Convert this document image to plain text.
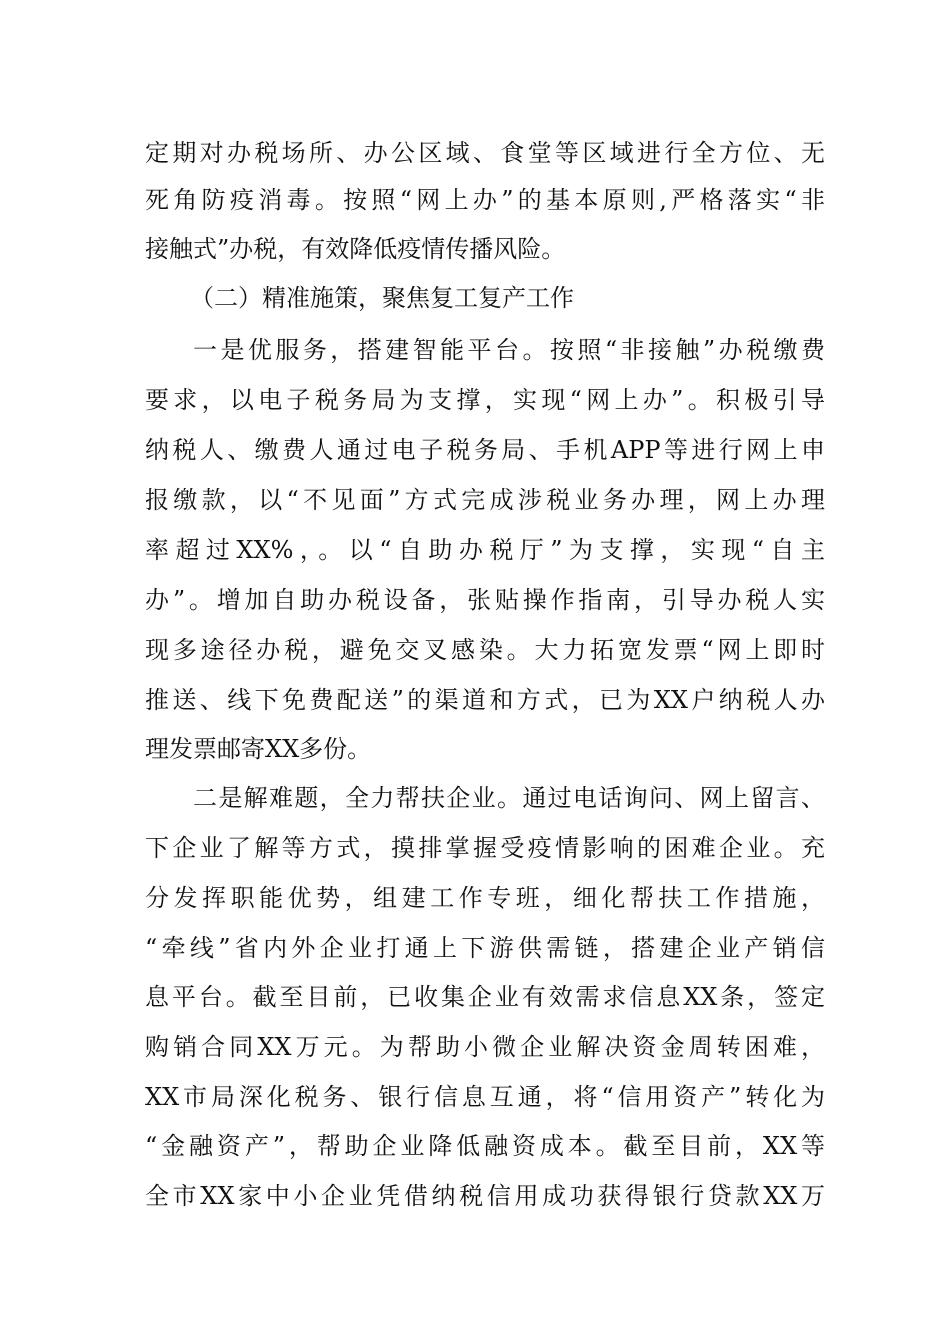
定期对办税场所、办公区域、食堂等区域进行全方位、无
死角防疫消毒。按照“网上办”的基本原则,严格落实“非
接触式”办税，有效降低疫情传播风险。
（二）精准施策，聚焦复工复产工作
一是优服务，搭建智能平台。按照“非接触”办税缴费
要求，以电子税务局为支撑，实现“网上办”。积极引导
纳税人、缴费人通过电子税务局、手机APP等进行网上申
报缴款，以“不见面”方式完成涉税业务办理，网上办理
率超过XX%，。以“自助办税厅”为支撑，实现“自主
办”。增加自助办税设备，张贴操作指南，引导办税人实
现多途径办税，避免交叉感染。大力拓宽发票“网上即时
推送、线下免费配送”的渠道和方式，已为XX户纳税人办
理发票邮寄XX多份。
二是解难题，全力帮扶企业。通过电话询问、网上留言、
下企业了解等方式，摸排掌握受疫情影响的困难企业。充
分发挥职能优势，组建工作专班，细化帮扶工作措施，
“牵线”省内外企业打通上下游供需链，搭建企业产销信
息平台。截至目前，已收集企业有效需求信息XX条，签定
购销合同XX万元。为帮助小微企业解决资金周转困难，
XX市局深化税务、银行信息互通，将“信用资产”转化为
“金融资产”，帮助企业降低融资成本。截至目前，XX等
全市XX家中小企业凭借纳税信用成功获得银行贷款XX万
